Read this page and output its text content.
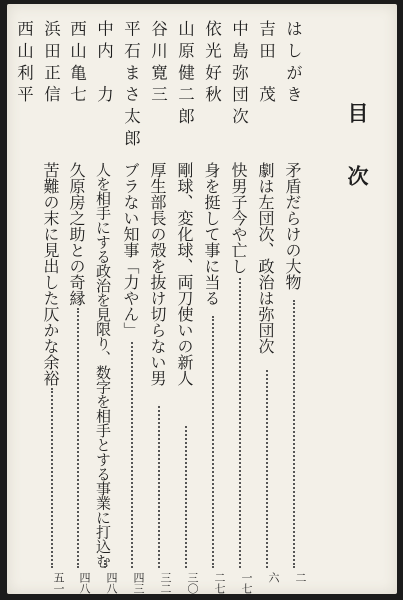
目次
はしがき
吉田　茂
中島弥団次
依光好秋
山原健二郎
谷川寛三
平石まさ太郎
中内　力
西山亀七
浜田正信
西山利平
矛盾だらけの大物
劇は左団次、政治は弥団次
快男子今や亡し
身を挺して事に当る
剛球、変化球、両刀使いの新人
厚生部長の殻を抜け切らない男
ブラない知事「力やん」
人を相手にする政治を見限り、数字を相手とする事業に打込む
久原房之助との奇縁
苦難の末に見出した仄かな余裕
二
六
一七
二七
三〇
三二
四三
四八
四八
五一
